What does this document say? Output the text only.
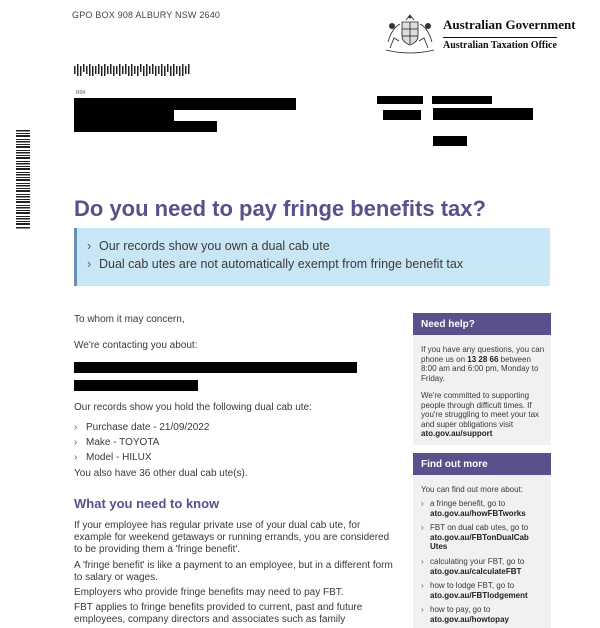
GPO BOX 908 ALBURY NSW 2640
R04
Australian Government
Australian Taxation Office
Do you need to pay fringe benefits tax?
› Our records show you own a dual cab ute
› Dual cab utes are not automatically exempt from fringe benefit tax
To whom it may concern,
We're contacting you about:
Our records show you hold the following dual cab ute:
› Purchase date - 21/09/2022
› Make - TOYOTA
› Model - HILUX
You also have 36 other dual cab ute(s).
What you need to know
If your employee has regular private use of your dual cab ute, for example for weekend getaways or running errands, you are considered to be providing them a 'fringe benefit'.
A 'fringe benefit' is like a payment to an employee, but in a different form to salary or wages.
Employers who provide fringe benefits may need to pay FBT.
FBT applies to fringe benefits provided to current, past and future
employees, company directors and associates such as family
Need help?
If you have any questions, you can phone us on 13 28 66 between 8:00 am and 6:00 pm, Monday to Friday.
We're committed to supporting people through difficult times. If you're struggling to meet your tax and super obligations visit ato.gov.au/support
Find out more
You can find out more about:
› a fringe benefit, go to
ato.gov.au/howFBTworks
› FBT on dual cab utes, go to
ato.gov.au/FBTonDualCabUtes
› calculating your FBT, go to
ato.gov.au/calculateFBT
› how to lodge FBT, go to
ato.gov.au/FBTlodgement
› how to pay, go to
ato.gov.au/howtopay
